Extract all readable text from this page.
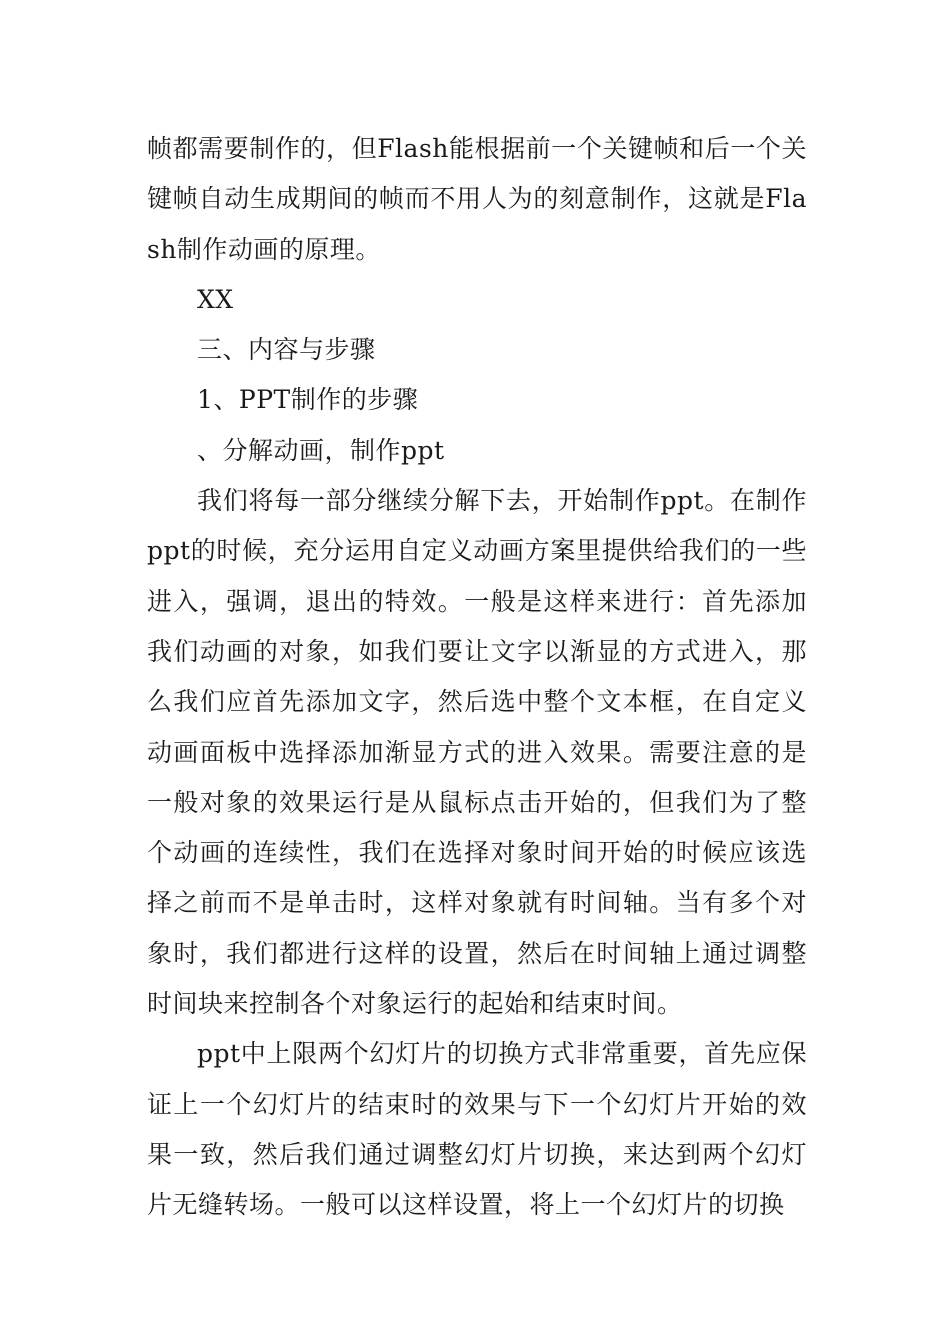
帧都需要制作的，但Flash能根据前一个关键帧和后一个关键帧自动生成期间的帧而不用人为的刻意制作，这就是Flash制作动画的原理。

XX

三、内容与步骤

1、PPT制作的步骤

、分解动画，制作ppt

我们将每一部分继续分解下去，开始制作ppt。在制作ppt的时候，充分运用自定义动画方案里提供给我们的一些进入，强调，退出的特效。一般是这样来进行：首先添加我们动画的对象，如我们要让文字以渐显的方式进入，那么我们应首先添加文字，然后选中整个文本框，在自定义动画面板中选择添加渐显方式的进入效果。需要注意的是一般对象的效果运行是从鼠标点击开始的，但我们为了整个动画的连续性，我们在选择对象时间开始的时候应该选择之前而不是单击时，这样对象就有时间轴。当有多个对象时，我们都进行这样的设置，然后在时间轴上通过调整时间块来控制各个对象运行的起始和结束时间。

ppt中上限两个幻灯片的切换方式非常重要，首先应保证上一个幻灯片的结束时的效果与下一个幻灯片开始的效果一致，然后我们通过调整幻灯片切换，来达到两个幻灯片无缝转场。一般可以这样设置，将上一个幻灯片的切换
